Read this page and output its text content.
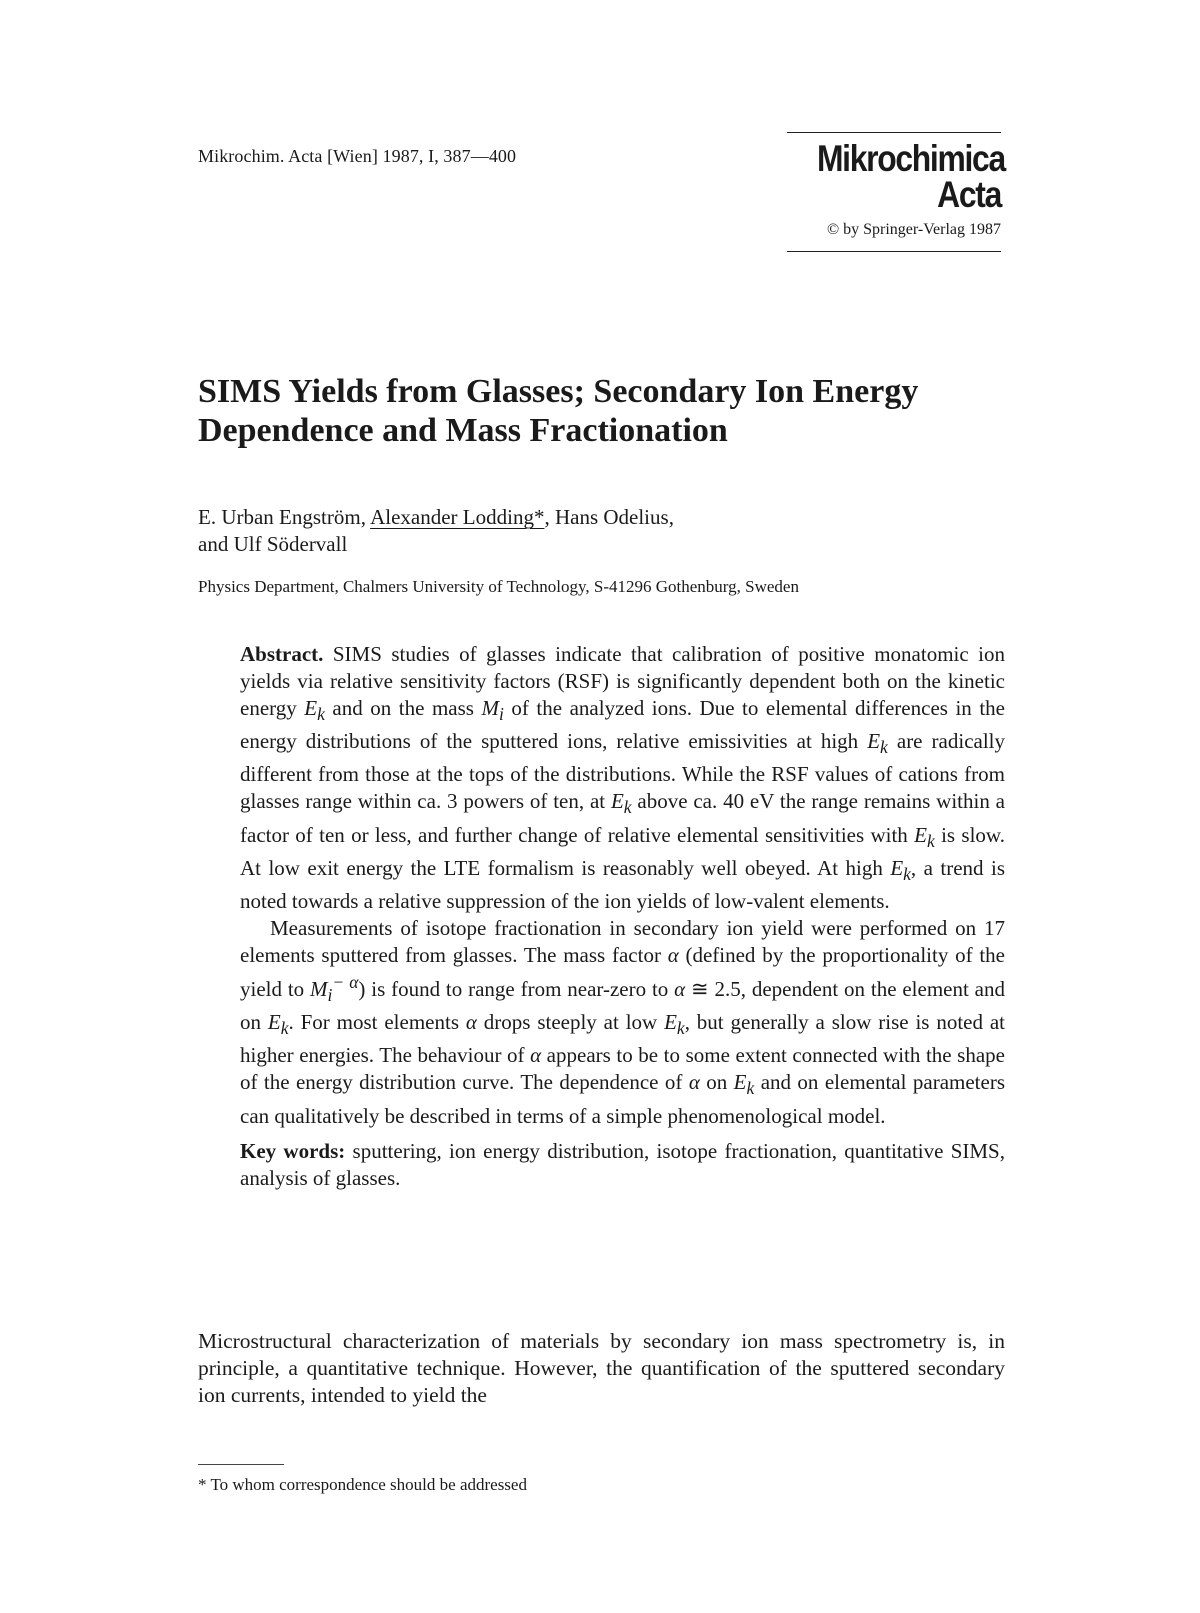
Mikrochim. Acta [Wien] 1987, I, 387—400	Mikrochimica
Acta
© by Springer-Verlag 1987
SIMS Yields from Glasses; Secondary Ion Energy Dependence and Mass Fractionation
E. Urban Engström, Alexander Lodding*, Hans Odelius,
and Ulf Södervall
Physics Department, Chalmers University of Technology, S-41296 Gothenburg, Sweden

Abstract. SIMS studies of glasses indicate that calibration of positive monatomic ion yields via relative sensitivity factors (RSF) is significantly dependent both on the kinetic energy $E_k$ and on the mass $M_i$ of the analyzed ions. Due to elemental differences in the energy distributions of the sputtered ions, relative emissivities at high $E_k$ are radically different from those at the tops of the distributions. While the RSF values of cations from glasses range within ca. 3 powers of ten, at $E_k$ above ca. 40 eV the range remains within a factor of ten or less, and further change of relative elemental sensitivities with $E_k$ is slow. At low exit energy the LTE formalism is reasonably well obeyed. At high $E_k$, a trend is noted towards a relative suppression of the ion yields of low-valent elements.

Measurements of isotope fractionation in secondary ion yield were performed on 17 elements sputtered from glasses. The mass factor α (defined by the proportionality of the yield to $M_i^{- \alpha}$) is found to range from near-zero to α ≅ 2.5, dependent on the element and on $E_k$. For most elements α drops steeply at low $E_k$, but generally a slow rise is noted at higher energies. The behaviour of α appears to be to some extent connected with the shape of the energy distribution curve. The dependence of α on $E_k$ and on elemental parameters can qualitatively be described in terms of a simple phenomenological model.

Key words: sputtering, ion energy distribution, isotope fractionation, quantitative SIMS, analysis of glasses.

Microstructural characterization of materials by secondary ion mass spectrometry is, in principle, a quantitative technique. However, the quantification of the sputtered secondary ion currents, intended to yield the

* To whom correspondence should be addressed
